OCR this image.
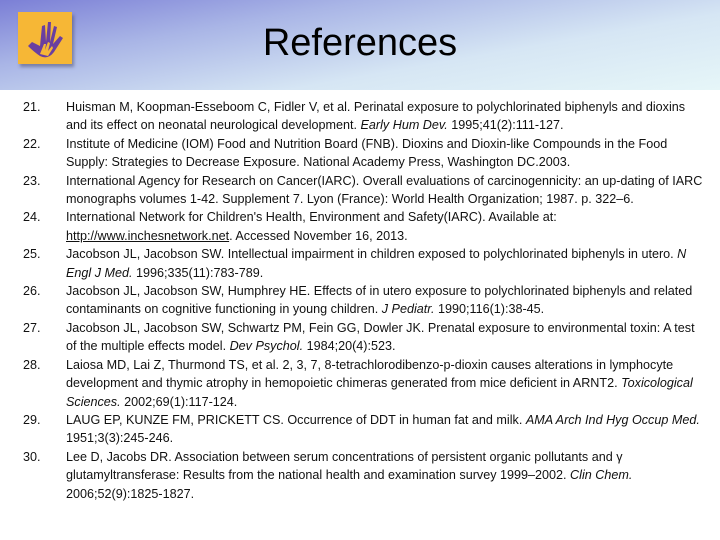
References
21.	Huisman M, Koopman-Esseboom C, Fidler V, et al. Perinatal exposure to polychlorinated biphenyls and dioxins and its effect on neonatal neurological development. Early Hum Dev. 1995;41(2):111-127.
22.	Institute of Medicine (IOM) Food and Nutrition Board (FNB). Dioxins and Dioxin-like Compounds in the Food Supply: Strategies to Decrease Exposure. National Academy Press, Washington DC.2003.
23.	International Agency for Research on Cancer(IARC). Overall evaluations of carcinogennicity: an up-dating of IARC monographs volumes 1-42. Supplement 7. Lyon (France): World Health Organization; 1987. p. 322–6.
24.	International Network for Children's Health, Environment and Safety(IARC). Available at: http://www.inchesnetwork.net. Accessed November 16, 2013.
25.	Jacobson JL, Jacobson SW. Intellectual impairment in children exposed to polychlorinated biphenyls in utero. N Engl J Med. 1996;335(11):783-789.
26.	Jacobson JL, Jacobson SW, Humphrey HE. Effects of in utero exposure to polychlorinated biphenyls and related contaminants on cognitive functioning in young children. J Pediatr. 1990;116(1):38-45.
27.	Jacobson JL, Jacobson SW, Schwartz PM, Fein GG, Dowler JK. Prenatal exposure to environmental toxin: A test of the multiple effects model. Dev Psychol. 1984;20(4):523.
28.	Laiosa MD, Lai Z, Thurmond TS, et al. 2, 3, 7, 8-tetrachlorodibenzo-p-dioxin causes alterations in lymphocyte development and thymic atrophy in hemopoietic chimeras generated from mice deficient in ARNT2. Toxicological Sciences. 2002;69(1):117-124.
29.	LAUG EP, KUNZE FM, PRICKETT CS. Occurrence of DDT in human fat and milk. AMA Arch Ind Hyg Occup Med. 1951;3(3):245-246.
30.	Lee D, Jacobs DR. Association between serum concentrations of persistent organic pollutants and γ glutamyltransferase: Results from the national health and examination survey 1999–2002. Clin Chem. 2006;52(9):1825-1827.
